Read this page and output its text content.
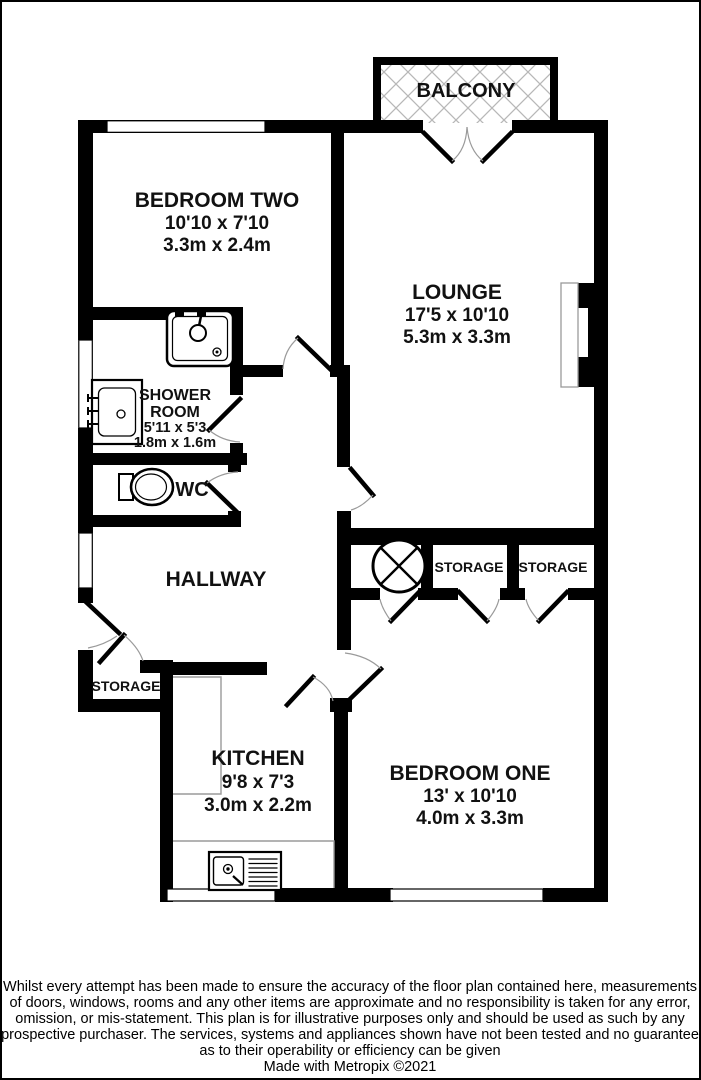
BALCONY
BEDROOM TWO
10'10 x 7'10
3.3m x 2.4m
LOUNGE
17'5 x 10'10
5.3m x 3.3m
SHOWER
ROOM
5'11 x 5'3
1.8m x 1.6m
WC
HALLWAY
STORAGE
STORAGE STORAGE
KITCHEN
9'8 x 7'3
3.0m x 2.2m
BEDROOM ONE
13' x 10'10
4.0m x 3.3m
Whilst every attempt has been made to ensure the accuracy of the floor plan contained here, measurements
of doors, windows, rooms and any other items are approximate and no responsibility is taken for any error,
omission, or mis-statement. This plan is for illustrative purposes only and should be used as such by any
prospective purchaser. The services, systems and appliances shown have not been tested and no guarantee
as to their operability or efficiency can be given
Made with Metropix ©2021
